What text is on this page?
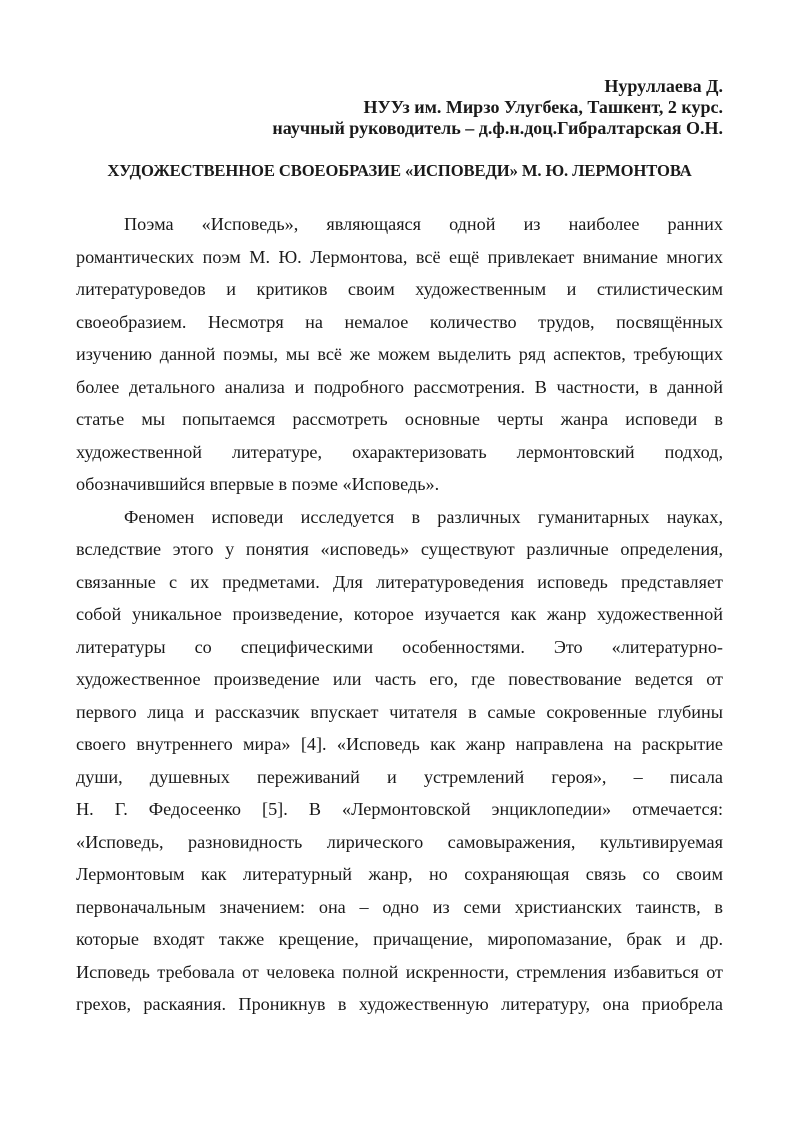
Нуруллаева Д.
НУУз им. Мирзо Улугбека, Ташкент, 2 курс.
научный руководитель – д.ф.н.доц.Гибралтарская О.Н.
ХУДОЖЕСТВЕННОЕ СВОЕОБРАЗИЕ «ИСПОВЕДИ» М. Ю. ЛЕРМОНТОВА
Поэма «Исповедь», являющаяся одной из наиболее ранних
романтических поэм М. Ю. Лермонтова, всё ещё привлекает внимание многих
литературоведов и критиков своим художественным и стилистическим
своеобразием. Несмотря на немалое количество трудов, посвящённых
изучению данной поэмы, мы всё же можем выделить ряд аспектов, требующих
более детального анализа и подробного рассмотрения. В частности, в данной
статье мы попытаемся рассмотреть основные черты жанра исповеди в
художественной литературе, охарактеризовать лермонтовский подход,
обозначившийся впервые в поэме «Исповедь».
Феномен исповеди исследуется в различных гуманитарных науках,
вследствие этого у понятия «исповедь» существуют различные определения,
связанные с их предметами. Для литературоведения исповедь представляет
собой уникальное произведение, которое изучается как жанр художественной
литературы со специфическими особенностями. Это «литературно-
художественное произведение или часть его, где повествование ведется от
первого лица и рассказчик впускает читателя в самые сокровенные глубины
своего внутреннего мира» [4]. «Исповедь как жанр направлена на раскрытие
души, душевных переживаний и устремлений героя», – писала
Н. Г. Федосеенко [5]. В «Лермонтовской энциклопедии» отмечается:
«Исповедь, разновидность лирического самовыражения, культивируемая
Лермонтовым как литературный жанр, но сохраняющая связь со своим
первоначальным значением: она – одно из семи христианских таинств, в
которые входят также крещение, причащение, миропомазание, брак и др.
Исповедь требовала от человека полной искренности, стремления избавиться от
грехов, раскаяния. Проникнув в художественную литературу, она приобрела
